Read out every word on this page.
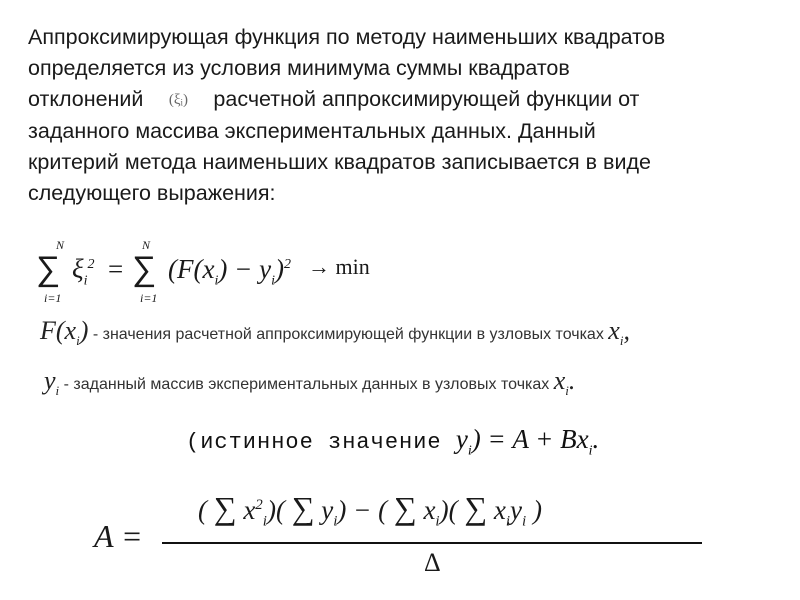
Аппроксимирующая функция по методу наименьших квадратов

определяется из условия минимума суммы квадратов

отклонений (ξᵢ) расчетной аппроксимирующей функции от

заданного массива экспериментальных данных. Данный

критерий метода наименьших квадратов записывается в виде

следующего выражения:

N
∑
i=1
$\xi_i^2$ =
N
∑
i=1
$(F(x_i) - y_i)^2 \to \min$
$F(x_i)$ - значения расчетной аппроксимирующей функции в узловых точках $x_i$,
$y_i$ - заданный массив экспериментальных данных в узловых точках $x_i$.
(истинное значение $y_i) = A + Bx_i$.
A =
( ∑ $x^2_i$)( ∑ $y_i$) − ( ∑ $x_i$)( ∑ $x_iy_i$ )
Δ
